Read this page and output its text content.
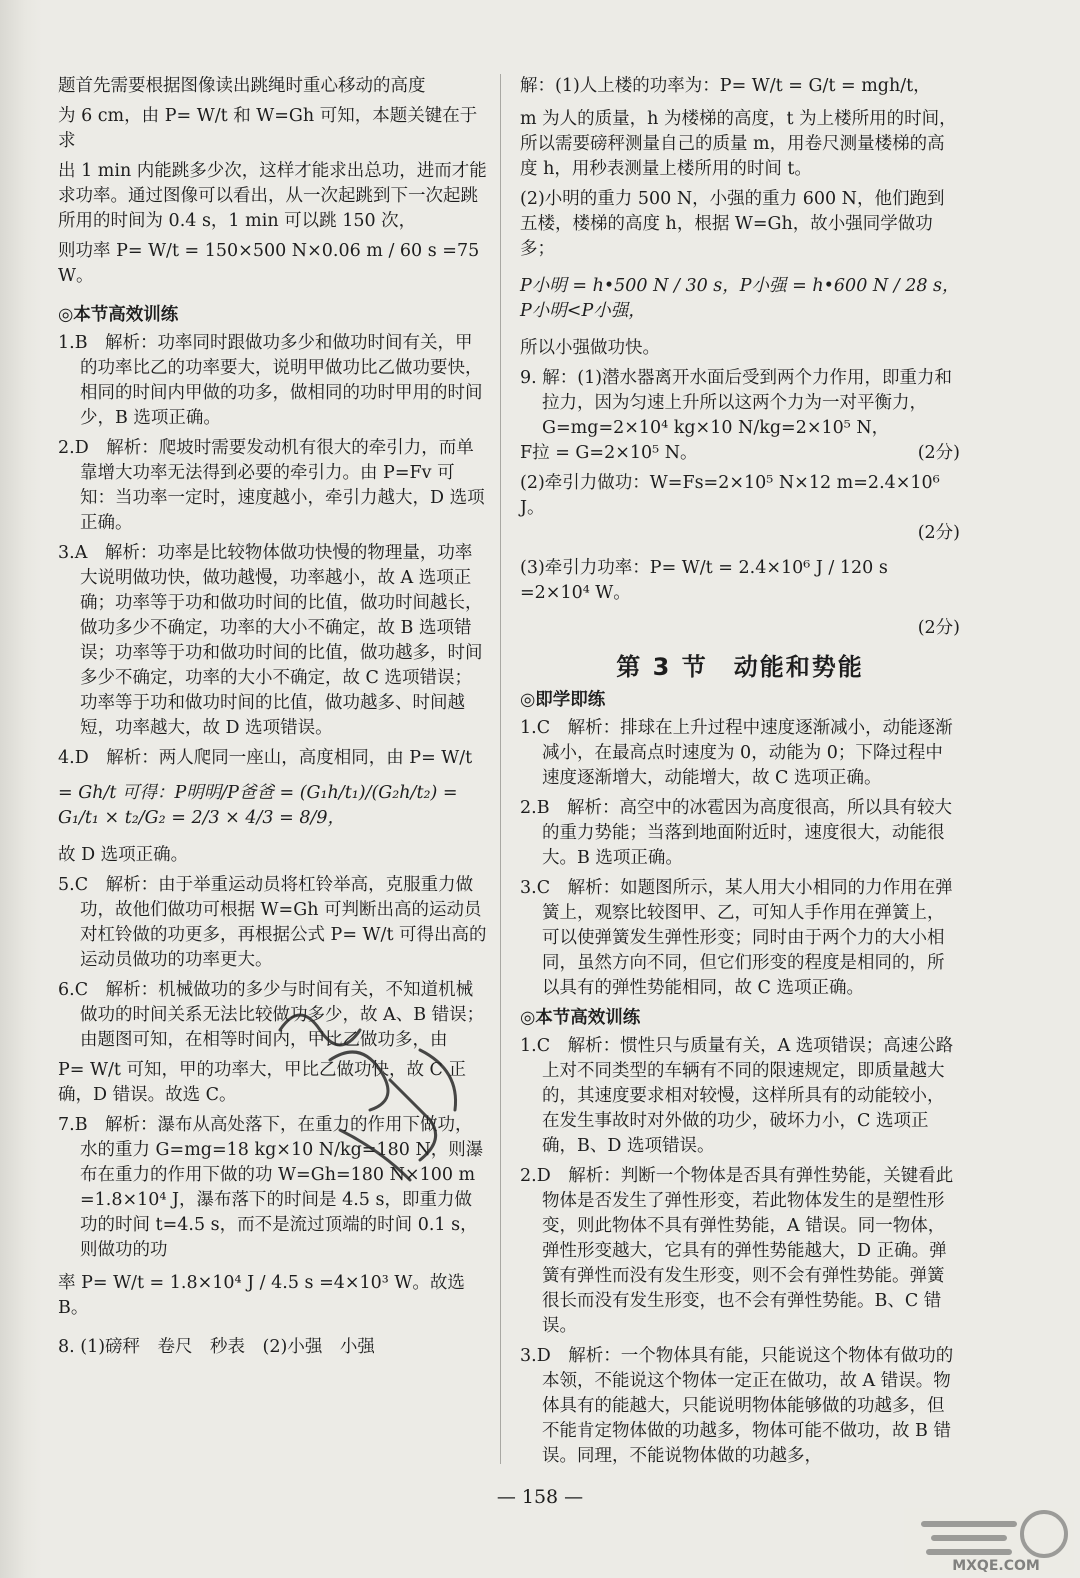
题首先需要根据图像读出跳绳时重心移动的高度

为 6 cm，由 P= W/t 和 W=Gh 可知，本题关键在于求

出 1 min 内能跳多少次，这样才能求出总功，进而才能求功率。通过图像可以看出，从一次起跳到下一次起跳所用的时间为 0.4 s，1 min 可以跳 150 次，

则功率 P= W/t = 150×500 N×0.06 m / 60 s =75 W。

◎本节高效训练

1.B　解析：功率同时跟做功多少和做功时间有关，甲的功率比乙的功率要大，说明甲做功比乙做功要快，相同的时间内甲做的功多，做相同的功时甲用的时间少，B 选项正确。

2.D　解析：爬坡时需要发动机有很大的牵引力，而单靠增大功率无法得到必要的牵引力。由 P=Fv 可知：当功率一定时，速度越小，牵引力越大，D 选项正确。

3.A　解析：功率是比较物体做功快慢的物理量，功率大说明做功快，做功越慢，功率越小，故 A 选项正确；功率等于功和做功时间的比值，做功时间越长，做功多少不确定，功率的大小不确定，故 B 选项错误；功率等于功和做功时间的比值，做功越多，时间多少不确定，功率的大小不确定，故 C 选项错误；功率等于功和做功时间的比值，做功越多、时间越短，功率越大，故 D 选项错误。

4.D　解析：两人爬同一座山，高度相同，由 P= W/t

= Gh/t 可得：P明明/P爸爸 = (G₁h/t₁)/(G₂h/t₂) = G₁/t₁ × t₂/G₂ = 2/3 × 4/3 = 8/9，

故 D 选项正确。

5.C　解析：由于举重运动员将杠铃举高，克服重力做功，故他们做功可根据 W=Gh 可判断出高的运动员对杠铃做的功更多，再根据公式 P= W/t 可得出高的运动员做功的功率更大。

6.C　解析：机械做功的多少与时间有关，不知道机械做功的时间关系无法比较做功多少，故 A、B 错误；由题图可知，在相等时间内，甲比乙做功多，由

P= W/t 可知，甲的功率大，甲比乙做功快，故 C 正确，D 错误。故选 C。

7.B　解析：瀑布从高处落下，在重力的作用下做功，水的重力 G=mg=18 kg×10 N/kg=180 N，则瀑布在重力的作用下做的功 W=Gh=180 N×100 m =1.8×10⁴ J，瀑布落下的时间是 4.5 s，即重力做功的时间 t=4.5 s，而不是流过顶端的时间 0.1 s，则做功的功

率 P= W/t = 1.8×10⁴ J / 4.5 s =4×10³ W。故选 B。

8. (1)磅秤　卷尺　秒表　(2)小强　小强

解：(1)人上楼的功率为：P= W/t = G/t = mgh/t，

m 为人的质量，h 为楼梯的高度，t 为上楼所用的时间，所以需要磅秤测量自己的质量 m，用卷尺测量楼梯的高度 h，用秒表测量上楼所用的时间 t。

(2)小明的重力 500 N，小强的重力 600 N，他们跑到五楼，楼梯的高度 h，根据 W=Gh，故小强同学做功多；

P小明 = h•500 N / 30 s，P小强 = h•600 N / 28 s，P小明<P小强，

所以小强做功快。

9. 解：(1)潜水器离开水面后受到两个力作用，即重力和拉力，因为匀速上升所以这两个力为一对平衡力，G=mg=2×10⁴ kg×10 N/kg=2×10⁵ N，

F拉 = G=2×10⁵ N。	(2分)

(2)牵引力做功：W=Fs=2×10⁵ N×12 m=2.4×10⁶ J。

(2分)

(3)牵引力功率：P= W/t = 2.4×10⁶ J / 120 s =2×10⁴ W。

(2分)
第 3 节　动能和势能
◎即学即练

1.C　解析：排球在上升过程中速度逐渐减小，动能逐渐减小，在最高点时速度为 0，动能为 0；下降过程中速度逐渐增大，动能增大，故 C 选项正确。

2.B　解析：高空中的冰雹因为高度很高，所以具有较大的重力势能；当落到地面附近时，速度很大，动能很大。B 选项正确。

3.C　解析：如题图所示，某人用大小相同的力作用在弹簧上，观察比较图甲、乙，可知人手作用在弹簧上，可以使弹簧发生弹性形变；同时由于两个力的大小相同，虽然方向不同，但它们形变的程度是相同的，所以具有的弹性势能相同，故 C 选项正确。

◎本节高效训练

1.C　解析：惯性只与质量有关，A 选项错误；高速公路上对不同类型的车辆有不同的限速规定，即质量越大的，其速度要求相对较慢，这样所具有的动能较小，在发生事故时对外做的功少，破坏力小，C 选项正确，B、D 选项错误。

2.D　解析：判断一个物体是否具有弹性势能，关键看此物体是否发生了弹性形变，若此物体发生的是塑性形变，则此物体不具有弹性势能，A 错误。同一物体，弹性形变越大，它具有的弹性势能越大，D 正确。弹簧有弹性而没有发生形变，则不会有弹性势能。弹簧很长而没有发生形变，也不会有弹性势能。B、C 错误。

3.D　解析：一个物体具有能，只能说这个物体有做功的本领，不能说这个物体一定正在做功，故 A 错误。物体具有的能越大，只能说明物体能够做的功越多，但不能肯定物体做的功越多，物体可能不做功，故 B 错误。同理，不能说物体做的功越多，

— 158 —
MXQE.COM
